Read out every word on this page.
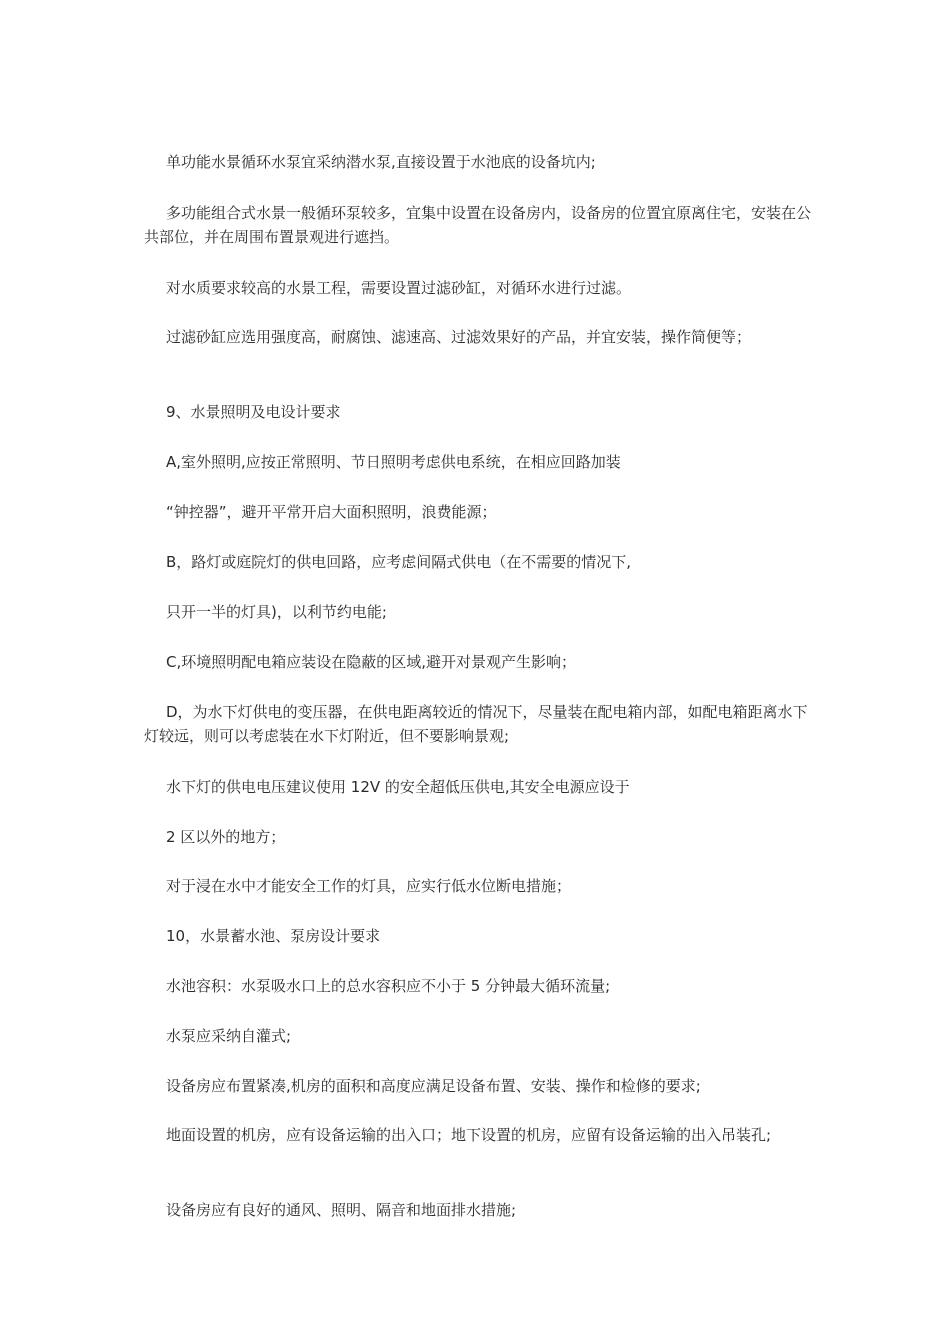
单功能水景循环水泵宜采纳潜水泵,直接设置于水池底的设备坑内;
多功能组合式水景一般循环泵较多，宜集中设置在设备房内，设备房的位置宜原离住宅，安装在公共部位，并在周围布置景观进行遮挡。
对水质要求较高的水景工程，需要设置过滤砂缸，对循环水进行过滤。
过滤砂缸应选用强度高，耐腐蚀、滤速高、过滤效果好的产品，并宜安装，操作简便等；
9、水景照明及电设计要求
A,室外照明,应按正常照明、节日照明考虑供电系统，在相应回路加装
“钟控器”，避开平常开启大面积照明，浪费能源；
B，路灯或庭院灯的供电回路，应考虑间隔式供电（在不需要的情况下,
只开一半的灯具)，以利节约电能;
C,环境照明配电箱应装设在隐蔽的区域,避开对景观产生影响；
D，为水下灯供电的变压器，在供电距离较近的情况下，尽量装在配电箱内部，如配电箱距离水下灯较远，则可以考虑装在水下灯附近，但不要影响景观;
水下灯的供电电压建议使用 12V 的安全超低压供电,其安全电源应设于
2 区以外的地方；
对于浸在水中才能安全工作的灯具，应实行低水位断电措施；
10，水景蓄水池、泵房设计要求
水池容积：水泵吸水口上的总水容积应不小于 5 分钟最大循环流量;
水泵应采纳自灌式;
设备房应布置紧凑,机房的面积和高度应满足设备布置、安装、操作和检修的要求;
地面设置的机房，应有设备运输的出入口；地下设置的机房，应留有设备运输的出入吊装孔;
设备房应有良好的通风、照明、隔音和地面排水措施;
